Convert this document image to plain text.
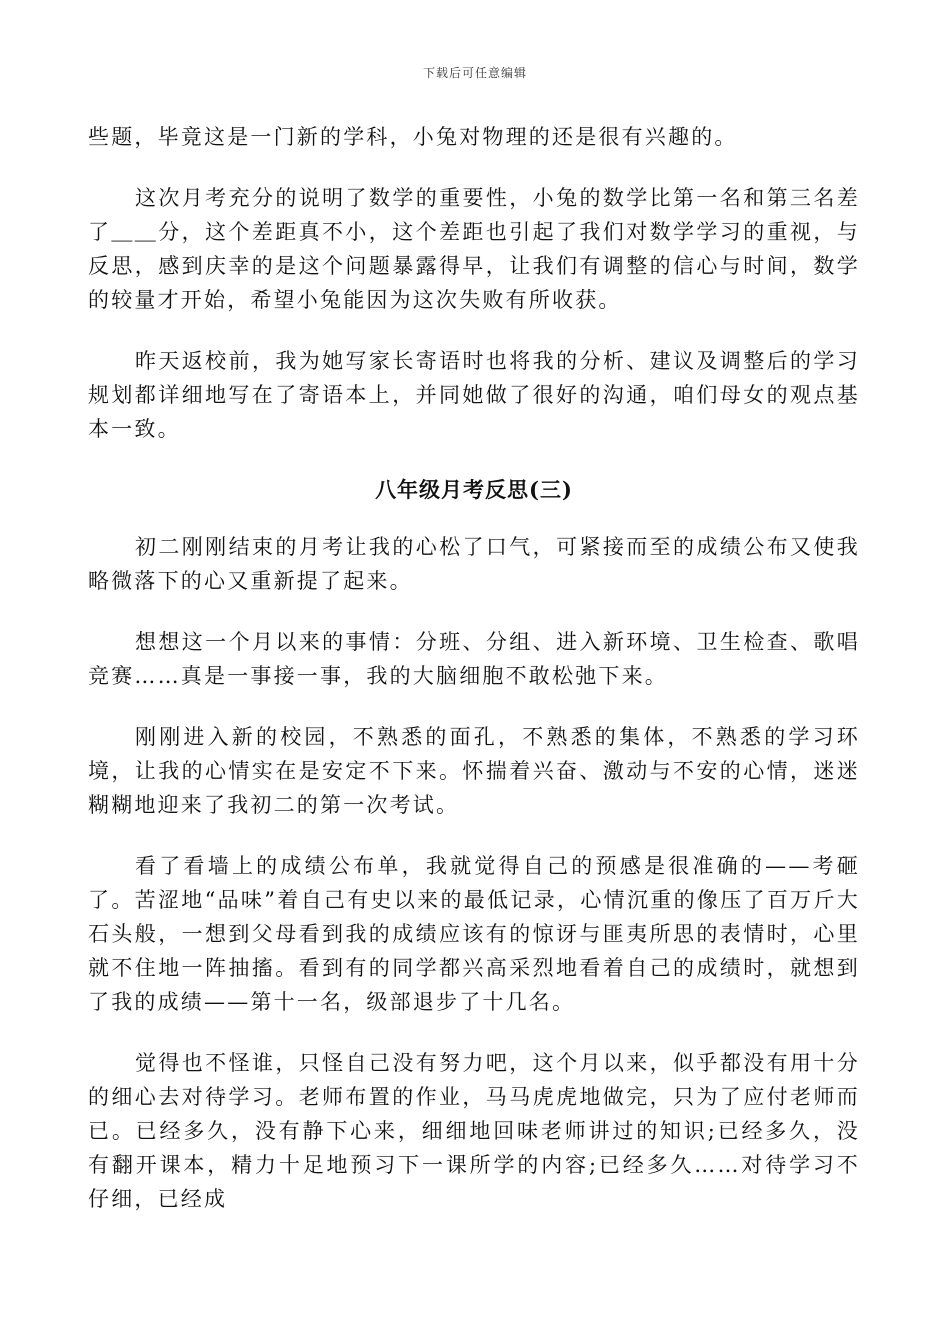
下载后可任意编辑

些题，毕竟这是一门新的学科，小兔对物理的还是很有兴趣的。

这次月考充分的说明了数学的重要性，小兔的数学比第一名和第三名差了＿＿分，这个差距真不小，这个差距也引起了我们对数学学习的重视，与反思，感到庆幸的是这个问题暴露得早，让我们有调整的信心与时间，数学的较量才开始，希望小兔能因为这次失败有所收获。

昨天返校前，我为她写家长寄语时也将我的分析、建议及调整后的学习规划都详细地写在了寄语本上，并同她做了很好的沟通，咱们母女的观点基本一致。

八年级月考反思(三)

初二刚刚结束的月考让我的心松了口气，可紧接而至的成绩公布又使我略微落下的心又重新提了起来。

想想这一个月以来的事情：分班、分组、进入新环境、卫生检查、歌唱竞赛……真是一事接一事，我的大脑细胞不敢松弛下来。

刚刚进入新的校园，不熟悉的面孔，不熟悉的集体，不熟悉的学习环境，让我的心情实在是安定不下来。怀揣着兴奋、激动与不安的心情，迷迷糊糊地迎来了我初二的第一次考试。

看了看墙上的成绩公布单，我就觉得自己的预感是很准确的——考砸了。苦涩地“品味”着自己有史以来的最低记录，心情沉重的像压了百万斤大石头般，一想到父母看到我的成绩应该有的惊讶与匪夷所思的表情时，心里就不住地一阵抽搐。看到有的同学都兴高采烈地看着自己的成绩时，就想到了我的成绩——第十一名，级部退步了十几名。

觉得也不怪谁，只怪自己没有努力吧，这个月以来，似乎都没有用十分的细心去对待学习。老师布置的作业，马马虎虎地做完，只为了应付老师而已。已经多久，没有静下心来，细细地回味老师讲过的知识;已经多久，没有翻开课本，精力十足地预习下一课所学的内容;已经多久……对待学习不仔细，已经成
